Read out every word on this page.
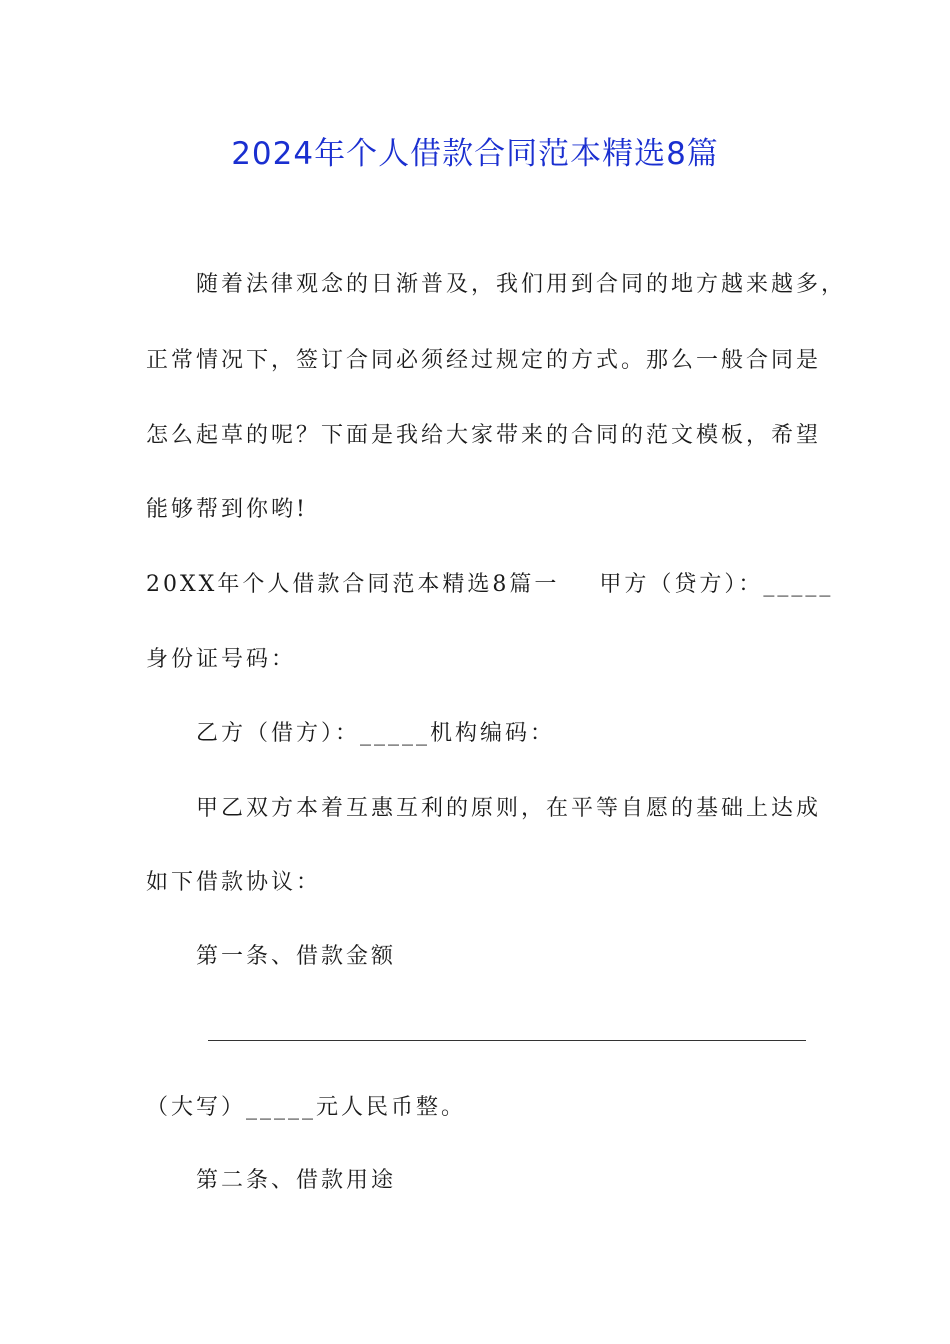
2024年个人借款合同范本精选8篇
随着法律观念的日渐普及，我们用到合同的地方越来越多，
正常情况下，签订合同必须经过规定的方式。那么一般合同是
怎么起草的呢？下面是我给大家带来的合同的范文模板，希望
能够帮到你哟!
20XX年个人借款合同范本精选8篇一 甲方（贷方）：_____
身份证号码：
乙方（借方）：_____机构编码：
甲乙双方本着互惠互利的原则，在平等自愿的基础上达成
如下借款协议：
第一条、借款金额
（大写）_____元人民币整。
第二条、借款用途
